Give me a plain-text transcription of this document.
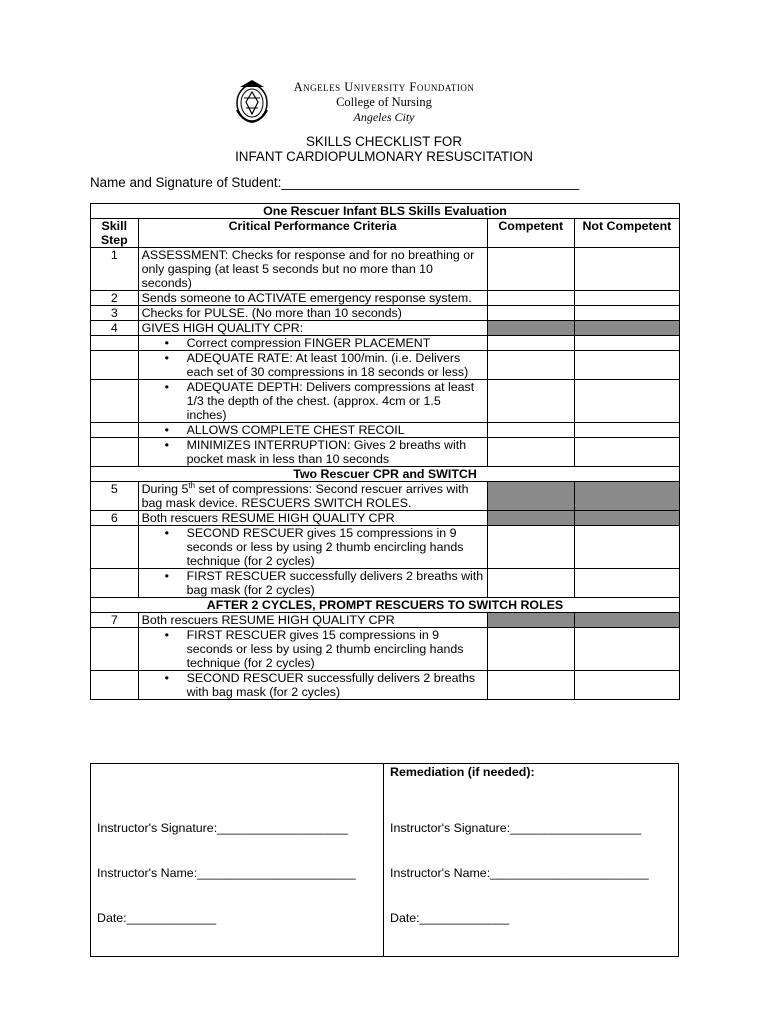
Angeles University Foundation
College of Nursing
Angeles City
SKILLS CHECKLIST FOR
INFANT CARDIOPULMONARY RESUSCITATION
Name and Signature of Student:________________________________________
One Rescuer Infant BLS Skills Evaluation			
Skill Step	Critical Performance Criteria	Competent	Not Competent
1	ASSESSMENT: Checks for response and for no breathing or only gasping (at least 5 seconds but no more than 10 seconds)		
2	Sends someone to ACTIVATE emergency response system.		
3	Checks for PULSE. (No more than 10 seconds)		
4	GIVES HIGH QUALITY CPR:		

	• Correct compression FINGER PLACEMENT		

	• ADEQUATE RATE: At least 100/min. (i.e. Delivers each set of 30 compressions in 18 seconds or less)		

	• ADEQUATE DEPTH: Delivers compressions at least 1/3 the depth of the chest. (approx. 4cm or 1.5 inches)		

	• ALLOWS COMPLETE CHEST RECOIL		

	• MINIMIZES INTERRUPTION: Gives 2 breaths with pocket mask in less than 10 seconds		
Two Rescuer CPR and SWITCH			
5	During 5th set of compressions: Second rescuer arrives with bag mask device. RESCUERS SWITCH ROLES.		
6	Both rescuers RESUME HIGH QUALITY CPR		

	• SECOND RESCUER gives 15 compressions in 9 seconds or less by using 2 thumb encircling hands technique (for 2 cycles)		

	• FIRST RESCUER successfully delivers 2 breaths with bag mask (for 2 cycles)		
AFTER 2 CYCLES, PROMPT RESCUERS TO SWITCH ROLES			
7	Both rescuers RESUME HIGH QUALITY CPR		

	• FIRST RESCUER gives 15 compressions in 9 seconds or less by using 2 thumb encircling hands technique (for 2 cycles)		

	• SECOND RESCUER successfully delivers 2 breaths with bag mask (for 2 cycles)		

Instructor's Signature:___________________

Instructor's Name:_______________________

Date:_____________

Remediation (if needed):

Instructor's Signature:___________________

Instructor's Name:_______________________

Date:_____________
